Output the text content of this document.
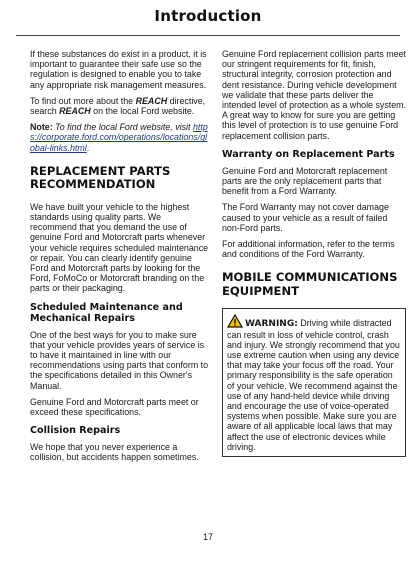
Introduction

If these substances do exist in a product, it is important to guarantee their safe use so the regulation is designed to enable you to take any appropriate risk management measures.

To find out more about the REACH directive, search REACH on the local Ford website.

Note: To find the local Ford website, visit https://corporate.ford.com/operations/locations/global-links.html.

REPLACEMENT PARTS RECOMMENDATION

We have built your vehicle to the highest standards using quality parts. We recommend that you demand the use of genuine Ford and Motorcraft parts whenever your vehicle requires scheduled maintenance or repair. You can clearly identify genuine Ford and Motorcraft parts by looking for the Ford, FoMoCo or Motorcraft branding on the parts or their packaging.

Scheduled Maintenance and Mechanical Repairs

One of the best ways for you to make sure that your vehicle provides years of service is to have it maintained in line with our recommendations using parts that conform to the specifications detailed in this Owner's Manual.

Genuine Ford and Motorcraft parts meet or exceed these specifications.

Collision Repairs

We hope that you never experience a collision, but accidents happen sometimes.

Genuine Ford replacement collision parts meet our stringent requirements for fit, finish, structural integrity, corrosion protection and dent resistance. During vehicle development we validate that these parts deliver the intended level of protection as a whole system. A great way to know for sure you are getting this level of protection is to use genuine Ford replacement collision parts.

Warranty on Replacement Parts

Genuine Ford and Motorcraft replacement parts are the only replacement parts that benefit from a Ford Warranty.

The Ford Warranty may not cover damage caused to your vehicle as a result of failed non-Ford parts.

For additional information, refer to the terms and conditions of the Ford Warranty.

MOBILE COMMUNICATIONS EQUIPMENT
WARNING: Driving while distracted can result in loss of vehicle control, crash and injury. We strongly recommend that you use extreme caution when using any device that may take your focus off the road. Your primary responsibility is the safe operation of your vehicle. We recommend against the use of any hand-held device while driving and encourage the use of voice-operated systems when possible. Make sure you are aware of all applicable local laws that may affect the use of electronic devices while driving.
17
